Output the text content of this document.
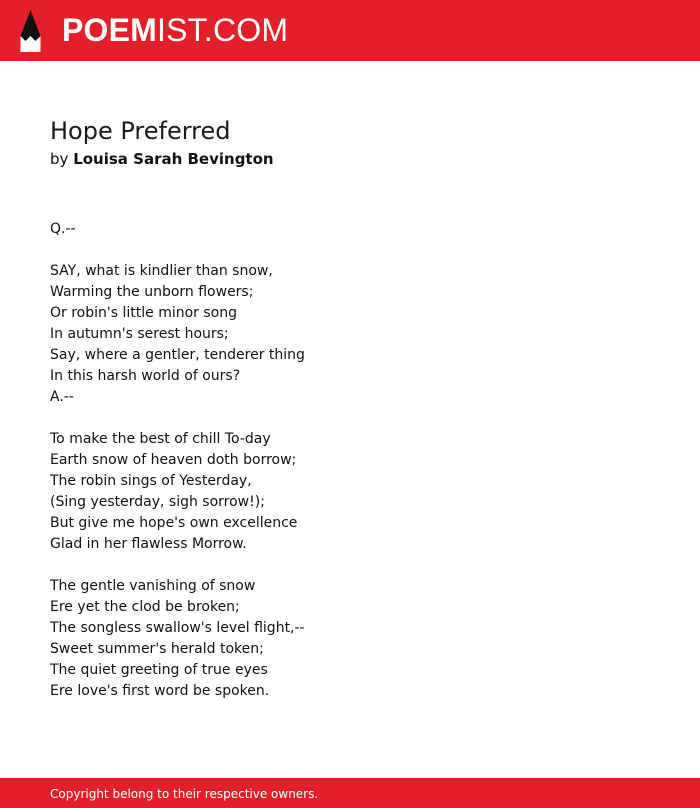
POEMIST.COM
Hope Preferred
by Louisa Sarah Bevington
Q.--
SAY, what is kindlier than snow,
Warming the unborn flowers;
Or robin's little minor song
In autumn's serest hours;
Say, where a gentler, tenderer thing
In this harsh world of ours?
A.--
To make the best of chill To-day
Earth snow of heaven doth borrow;
The robin sings of Yesterday,
(Sing yesterday, sigh sorrow!);
But give me hope's own excellence
Glad in her flawless Morrow.
The gentle vanishing of snow
Ere yet the clod be broken;
The songless swallow's level flight,--
Sweet summer's herald token;
The quiet greeting of true eyes
Ere love's first word be spoken.
Copyright belong to their respective owners.
